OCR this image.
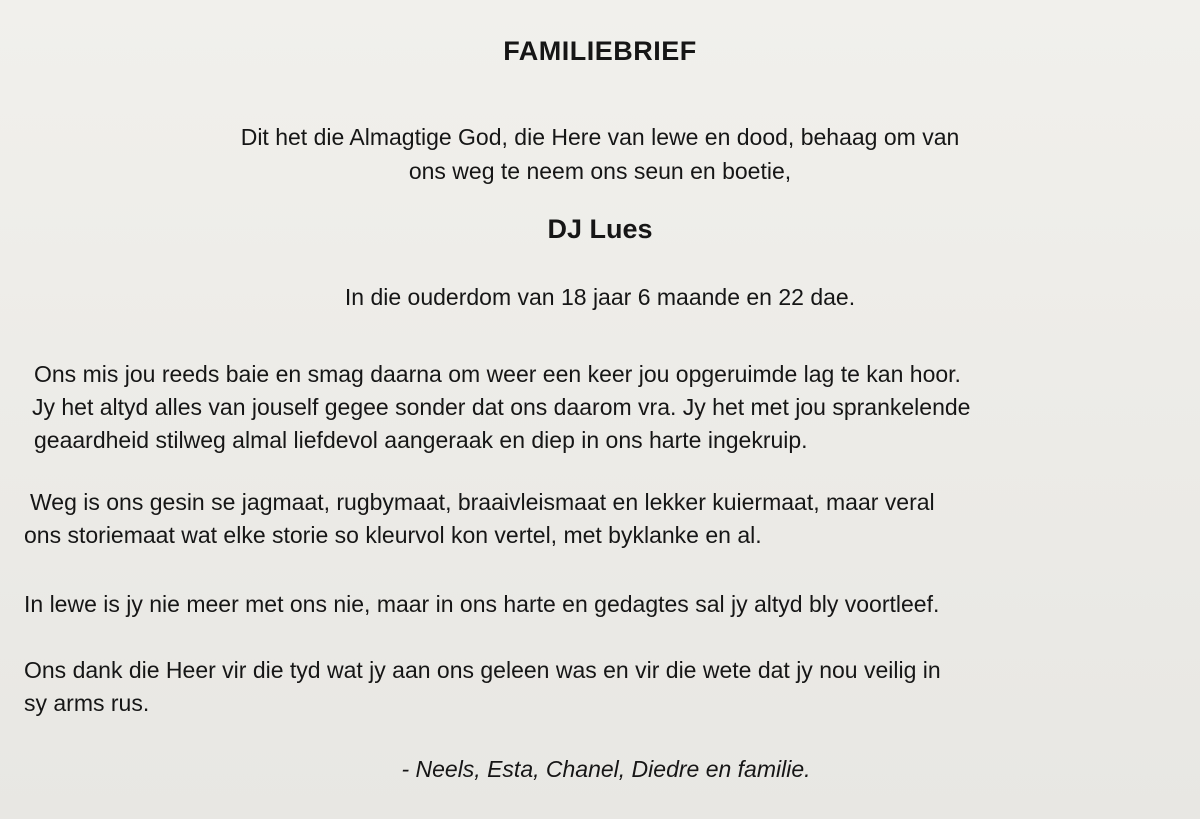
FAMILIEBRIEF
Dit het die Almagtige God, die Here van lewe en dood, behaag om van
ons weg te neem ons seun en boetie,
DJ Lues
In die ouderdom van 18 jaar 6 maande en 22 dae.
Ons mis jou reeds baie en smag daarna om weer een keer jou opgeruimde lag te kan hoor.
Jy het altyd alles van jouself gegee sonder dat ons daarom vra. Jy het met jou sprankelende
geaardheid stilweg almal liefdevol aangeraak en diep in ons harte ingekruip.
Weg is ons gesin se jagmaat, rugbymaat, braaivleismaat en lekker kuiermaat, maar veral
ons storiemaat wat elke storie so kleurvol kon vertel, met byklanke en al.
In lewe is jy nie meer met ons nie, maar in ons harte en gedagtes sal jy altyd bly voortleef.
Ons dank die Heer vir die tyd wat jy aan ons geleen was en vir die wete dat jy nou veilig in
sy arms rus.
- Neels, Esta, Chanel, Diedre en familie.
